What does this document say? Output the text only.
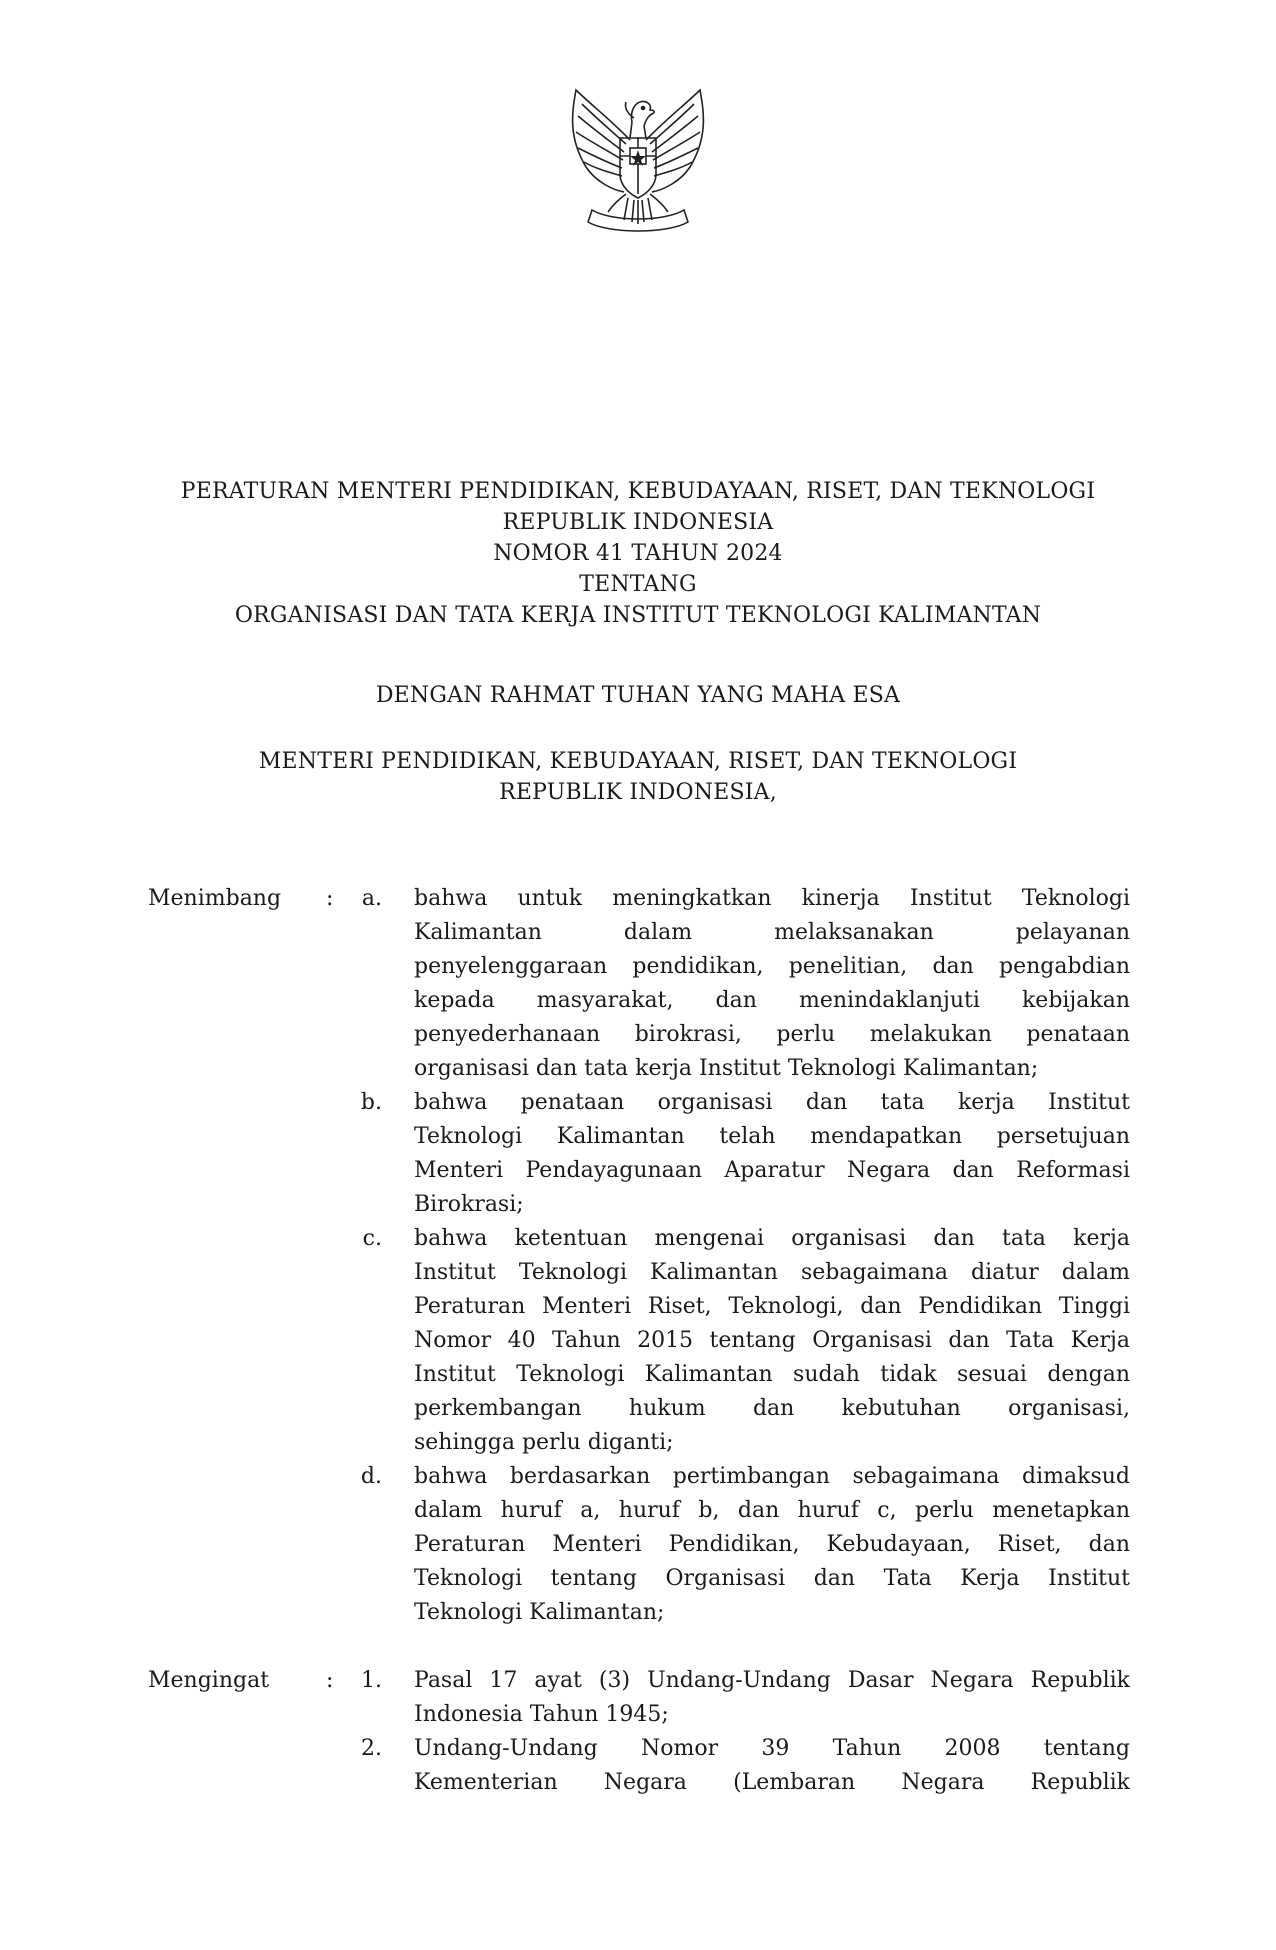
PERATURAN MENTERI PENDIDIKAN, KEBUDAYAAN, RISET, DAN TEKNOLOGI
REPUBLIK INDONESIA
NOMOR 41 TAHUN 2024
TENTANG
ORGANISASI DAN TATA KERJA INSTITUT TEKNOLOGI KALIMANTAN
DENGAN RAHMAT TUHAN YANG MAHA ESA
MENTERI PENDIDIKAN, KEBUDAYAAN, RISET, DAN TEKNOLOGI
REPUBLIK INDONESIA,
Menimbang :	a. bahwa untuk meningkatkan kinerja Institut Teknologi
Kalimantan dalam melaksanakan pelayanan
penyelenggaraan pendidikan, penelitian, dan pengabdian
kepada masyarakat, dan menindaklanjuti kebijakan
penyederhanaan birokrasi, perlu melakukan penataan
organisasi dan tata kerja Institut Teknologi Kalimantan;
b. bahwa penataan organisasi dan tata kerja Institut
Teknologi Kalimantan telah mendapatkan persetujuan
Menteri Pendayagunaan Aparatur Negara dan Reformasi
Birokrasi;
c. bahwa ketentuan mengenai organisasi dan tata kerja
Institut Teknologi Kalimantan sebagaimana diatur dalam
Peraturan Menteri Riset, Teknologi, dan Pendidikan Tinggi
Nomor 40 Tahun 2015 tentang Organisasi dan Tata Kerja
Institut Teknologi Kalimantan sudah tidak sesuai dengan
perkembangan hukum dan kebutuhan organisasi,
sehingga perlu diganti;
d. bahwa berdasarkan pertimbangan sebagaimana dimaksud
dalam huruf a, huruf b, dan huruf c, perlu menetapkan
Peraturan Menteri Pendidikan, Kebudayaan, Riset, dan
Teknologi tentang Organisasi dan Tata Kerja Institut
Teknologi Kalimantan;
Mengingat	:	1. Pasal 17 ayat (3) Undang-Undang Dasar Negara Republik
Indonesia Tahun 1945;
2. Undang-Undang Nomor 39 Tahun 2008 tentang
Kementerian Negara (Lembaran Negara Republik
